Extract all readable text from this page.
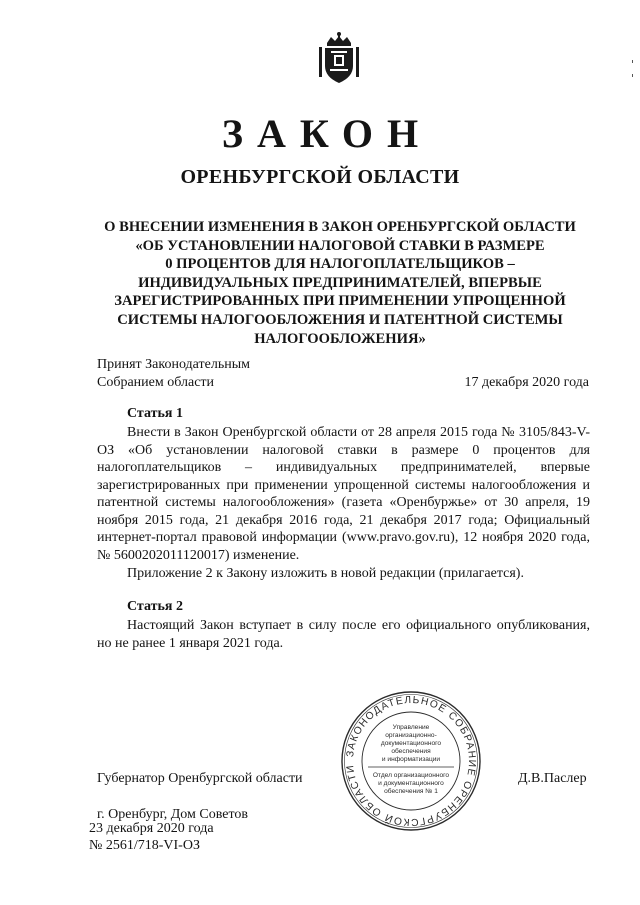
ЗАКОН
ОРЕНБУРГСКОЙ ОБЛАСТИ

О ВНЕСЕНИИ ИЗМЕНЕНИЯ В ЗАКОН ОРЕНБУРГСКОЙ ОБЛАСТИ
«ОБ УСТАНОВЛЕНИИ НАЛОГОВОЙ СТАВКИ В РАЗМЕРЕ
0 ПРОЦЕНТОВ ДЛЯ НАЛОГОПЛАТЕЛЬЩИКОВ –
ИНДИВИДУАЛЬНЫХ ПРЕДПРИНИМАТЕЛЕЙ, ВПЕРВЫЕ
ЗАРЕГИСТРИРОВАННЫХ ПРИ ПРИМЕНЕНИИ УПРОЩЕННОЙ
СИСТЕМЫ НАЛОГООБЛОЖЕНИЯ И ПАТЕНТНОЙ СИСТЕМЫ
НАЛОГООБЛОЖЕНИЯ»

Принят Законодательным
Собранием области	17 декабря 2020 года
Статья 1

Внести в Закон Оренбургской области от 28 апреля 2015 года № 3105/843-V-ОЗ «Об установлении налоговой ставки в размере 0 процентов для налогоплательщиков – индивидуальных предпринимателей, впервые зарегистрированных при применении упрощенной системы налогообложения и патентной системы налогообложения» (газета «Оренбуржье» от 30 апреля, 19 ноября 2015 года, 21 декабря 2016 года, 21 декабря 2017 года; Официальный интернет-портал правовой информации (www.pravo.gov.ru), 12 ноября 2020 года, № 5600202011120017) изменение.

Приложение 2 к Закону изложить в новой редакции (прилагается).

Статья 2

Настоящий Закон вступает в силу после его официального опубликования, но не ранее 1 января 2021 года.

ЗАКОНОДАТЕЛЬНОЕ СОБРАНИЕ ОРЕНБУРГСКОЙ ОБЛАСТИ
Управление
организационно-
документационного
обеспечения
и информатизации
Отдел организационного
и документационного
обеспечения № 1
Губернатор Оренбургской области	Д.В.Паслер
г. Оренбург, Дом Советов
23 декабря 2020 года
№ 2561/718-VI-ОЗ
